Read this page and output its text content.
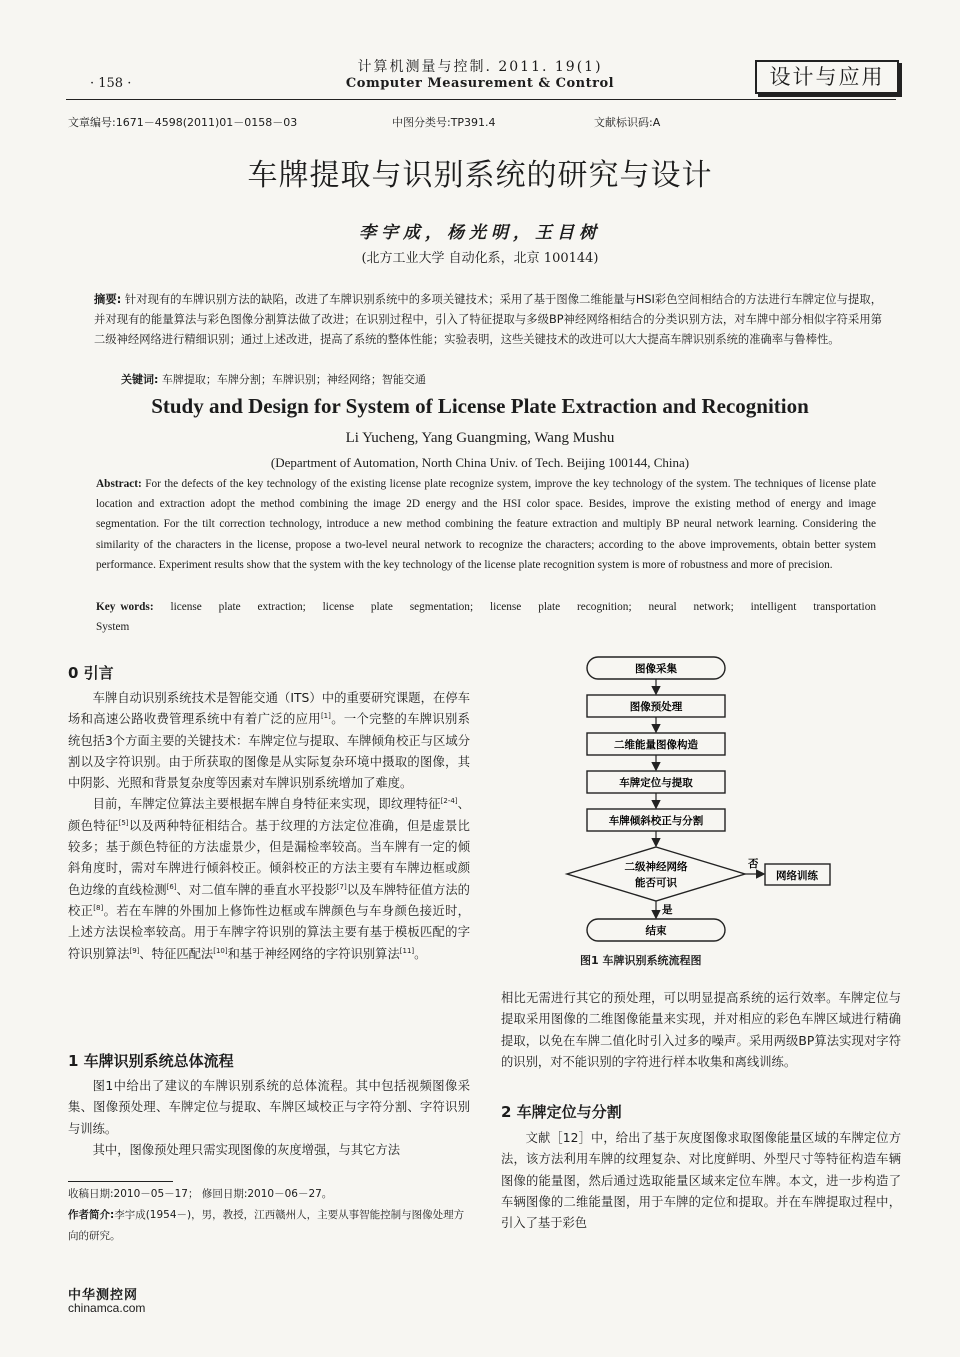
· 158 ·
计算机测量与控制. 2011. 19(1)
Computer Measurement & Control	设计与应用
文章编号:1671－4598(2011)01－0158－03	中图分类号:TP391.4	文献标识码:A
车牌提取与识别系统的研究与设计
李宇成，杨光明，王目树
(北方工业大学 自动化系，北京 100144)
摘要: 针对现有的车牌识别方法的缺陷，改进了车牌识别系统中的多项关键技术；采用了基于图像二维能量与HSI彩色空间相结合的方法进行车牌定位与提取，并对现有的能量算法与彩色图像分割算法做了改进；在识别过程中，引入了特征提取与多级BP神经网络相结合的分类识别方法，对车牌中部分相似字符采用第二级神经网络进行精细识别；通过上述改进，提高了系统的整体性能；实验表明，这些关键技术的改进可以大大提高车牌识别系统的准确率与鲁棒性。
关键词: 车牌提取；车牌分割；车牌识别；神经网络；智能交通
Study and Design for System of License Plate Extraction and Recognition
Li Yucheng, Yang Guangming, Wang Mushu
(Department of Automation, North China Univ. of Tech. Beijing 100144, China)
Abstract: For the defects of the key technology of the existing license plate recognize system, improve the key technology of the system. The techniques of license plate location and extraction adopt the method combining the image 2D energy and the HSI color space. Besides, improve the existing method of energy and image segmentation. For the tilt correction technology, introduce a new method combining the feature extraction and multiply BP neural network learning. Considering the similarity of the characters in the license, propose a two-level neural network to recognize the characters; according to the above improvements, obtain better system performance. Experiment results show that the system with the key technology of the license plate recognition system is more of robustness and more of precision.
Key words: license plate extraction; license plate segmentation; license plate recognition; neural network; intelligent transportation System
0 引言

车牌自动识别系统技术是智能交通（ITS）中的重要研究课题，在停车场和高速公路收费管理系统中有着广泛的应用[1]。一个完整的车牌识别系统包括3个方面主要的关键技术：车牌定位与提取、车牌倾角校正与区域分割以及字符识别。由于所获取的图像是从实际复杂环境中摄取的图像，其中阴影、光照和背景复杂度等因素对车牌识别系统增加了难度。

目前，车牌定位算法主要根据车牌自身特征来实现，即纹理特征[2-4]、颜色特征[5]以及两种特征相结合。基于纹理的方法定位准确，但是虚景比较多；基于颜色特征的方法虚景少，但是漏检率较高。当车牌有一定的倾斜角度时，需对车牌进行倾斜校正。倾斜校正的方法主要有车牌边框或颜色边缘的直线检测[6]、对二值车牌的垂直水平投影[7]以及车牌特征值方法的校正[8]。若在车牌的外围加上修饰性边框或车牌颜色与车身颜色接近时，上述方法误检率较高。用于车牌字符识别的算法主要有基于模板匹配的字符识别算法[9]、特征匹配法[10]和基于神经网络的字符识别算法[11]。

1 车牌识别系统总体流程

图1中给出了建议的车牌识别系统的总体流程。其中包括视频图像采集、图像预处理、车牌定位与提取、车牌区域校正与字符分割、字符识别与训练。

其中，图像预处理只需实现图像的灰度增强，与其它方法

收稿日期:2010－05－17； 修回日期:2010－06－27。
作者简介:李宇成(1954－)，男，教授，江西赣州人，主要从事智能控制与图像处理方向的研究。
中华测控网
chinamca.com
图像采集
图像预处理
二维能量图像构造
车牌定位与提取
车牌倾斜校正与分割
二级神经网络
能否可识
否
网络训练
是
结束
图1 车牌识别系统流程图

相比无需进行其它的预处理，可以明显提高系统的运行效率。车牌定位与提取采用图像的二维图像能量来实现，并对相应的彩色车牌区域进行精确提取，以免在车牌二值化时引入过多的噪声。采用两级BP算法实现对字符的识别，对不能识别的字符进行样本收集和离线训练。

2 车牌定位与分割

文献［12］中，给出了基于灰度图像求取图像能量区域的车牌定位方法，该方法利用车牌的纹理复杂、对比度鲜明、外型尺寸等特征构造车辆图像的能量图，然后通过选取能量区域来定位车牌。本文，进一步构造了车辆图像的二维能量图，用于车牌的定位和提取。并在车牌提取过程中，引入了基于彩色
